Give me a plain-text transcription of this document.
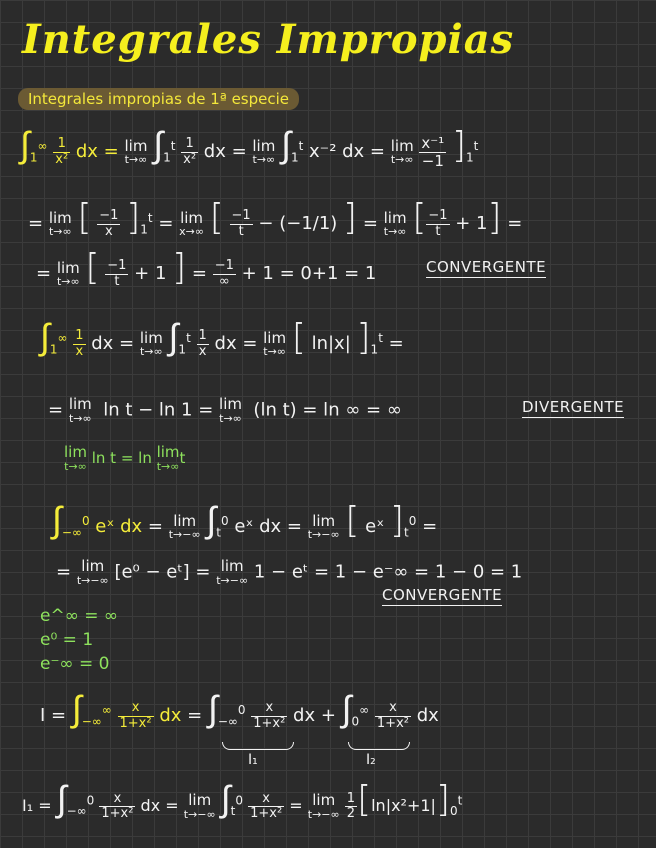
Integrales Impropias
Integrales impropias de 1ª especie
$\int_1^\infty \frac{1}{\text{x²}}$ dx = lim
t→∞ $\int_1^t \frac{1}{\text{x²}}$ dx = lim
t→∞ $\int_1^t$ x⁻² dx = lim
t→∞
$\frac{\text{x⁻¹}}{-1} ]_1^t$
= lim
t→∞ [ $\frac{-1}{x} ]_1^t = \lim$
x→∞ [ $\frac{-1}{t} - (-1/1)$ ] = lim
t→∞ [ $\frac{-1}{t} + 1$] =
= lim
t→∞ [ $\frac{-1}{t} + 1$ ] = $\frac{-1}{\infty} + 1 = 0+1 = 1$	CONVERGENTE
$\int_1^\infty \frac{1}{x}$ dx = lim
t→∞ $\int_1^t \frac{1}{x}$ dx = lim
t→∞ [ ln|x| ]$_1^t$ =
= lim
t→∞ ln t − ln 1 = lim
t→∞ (ln t) = ln ∞ = ∞	DIVERGENTE
lim
t→∞ ln t = ln lim
t→∞ t
$\int_{-\infty}^0$ eˣ dx = lim
t→−∞ $\int_t^0$ eˣ dx = lim
t→−∞ [ eˣ ]$_t^0$ =
= lim
t→−∞ [e⁰ − eᵗ] = lim
t→−∞ 1 − eᵗ = 1 − e⁻∞ = 1 − 0 = 1
CONVERGENTE
e^∞ = ∞
e⁰ = 1
e⁻∞ = 0
$I = \int_{-\infty}^\infty \frac{x}{\text{1+x²}}$ dx = $\int_{-\infty}^0 \frac{x}{\text{1+x²}}$ dx + $\int_0^\infty \frac{x}{\text{1+x²}}$ dx
I₁	I₂
$I_1 = \int_{-\infty}^0 \frac{x}{\text{1+x²}}$ dx = lim
t→−∞ $\int_t^0 \frac{x}{\text{1+x²}} = \lim$
t→−∞
$\frac{1}{2} [\ln|x^2+1|]_0^t$
